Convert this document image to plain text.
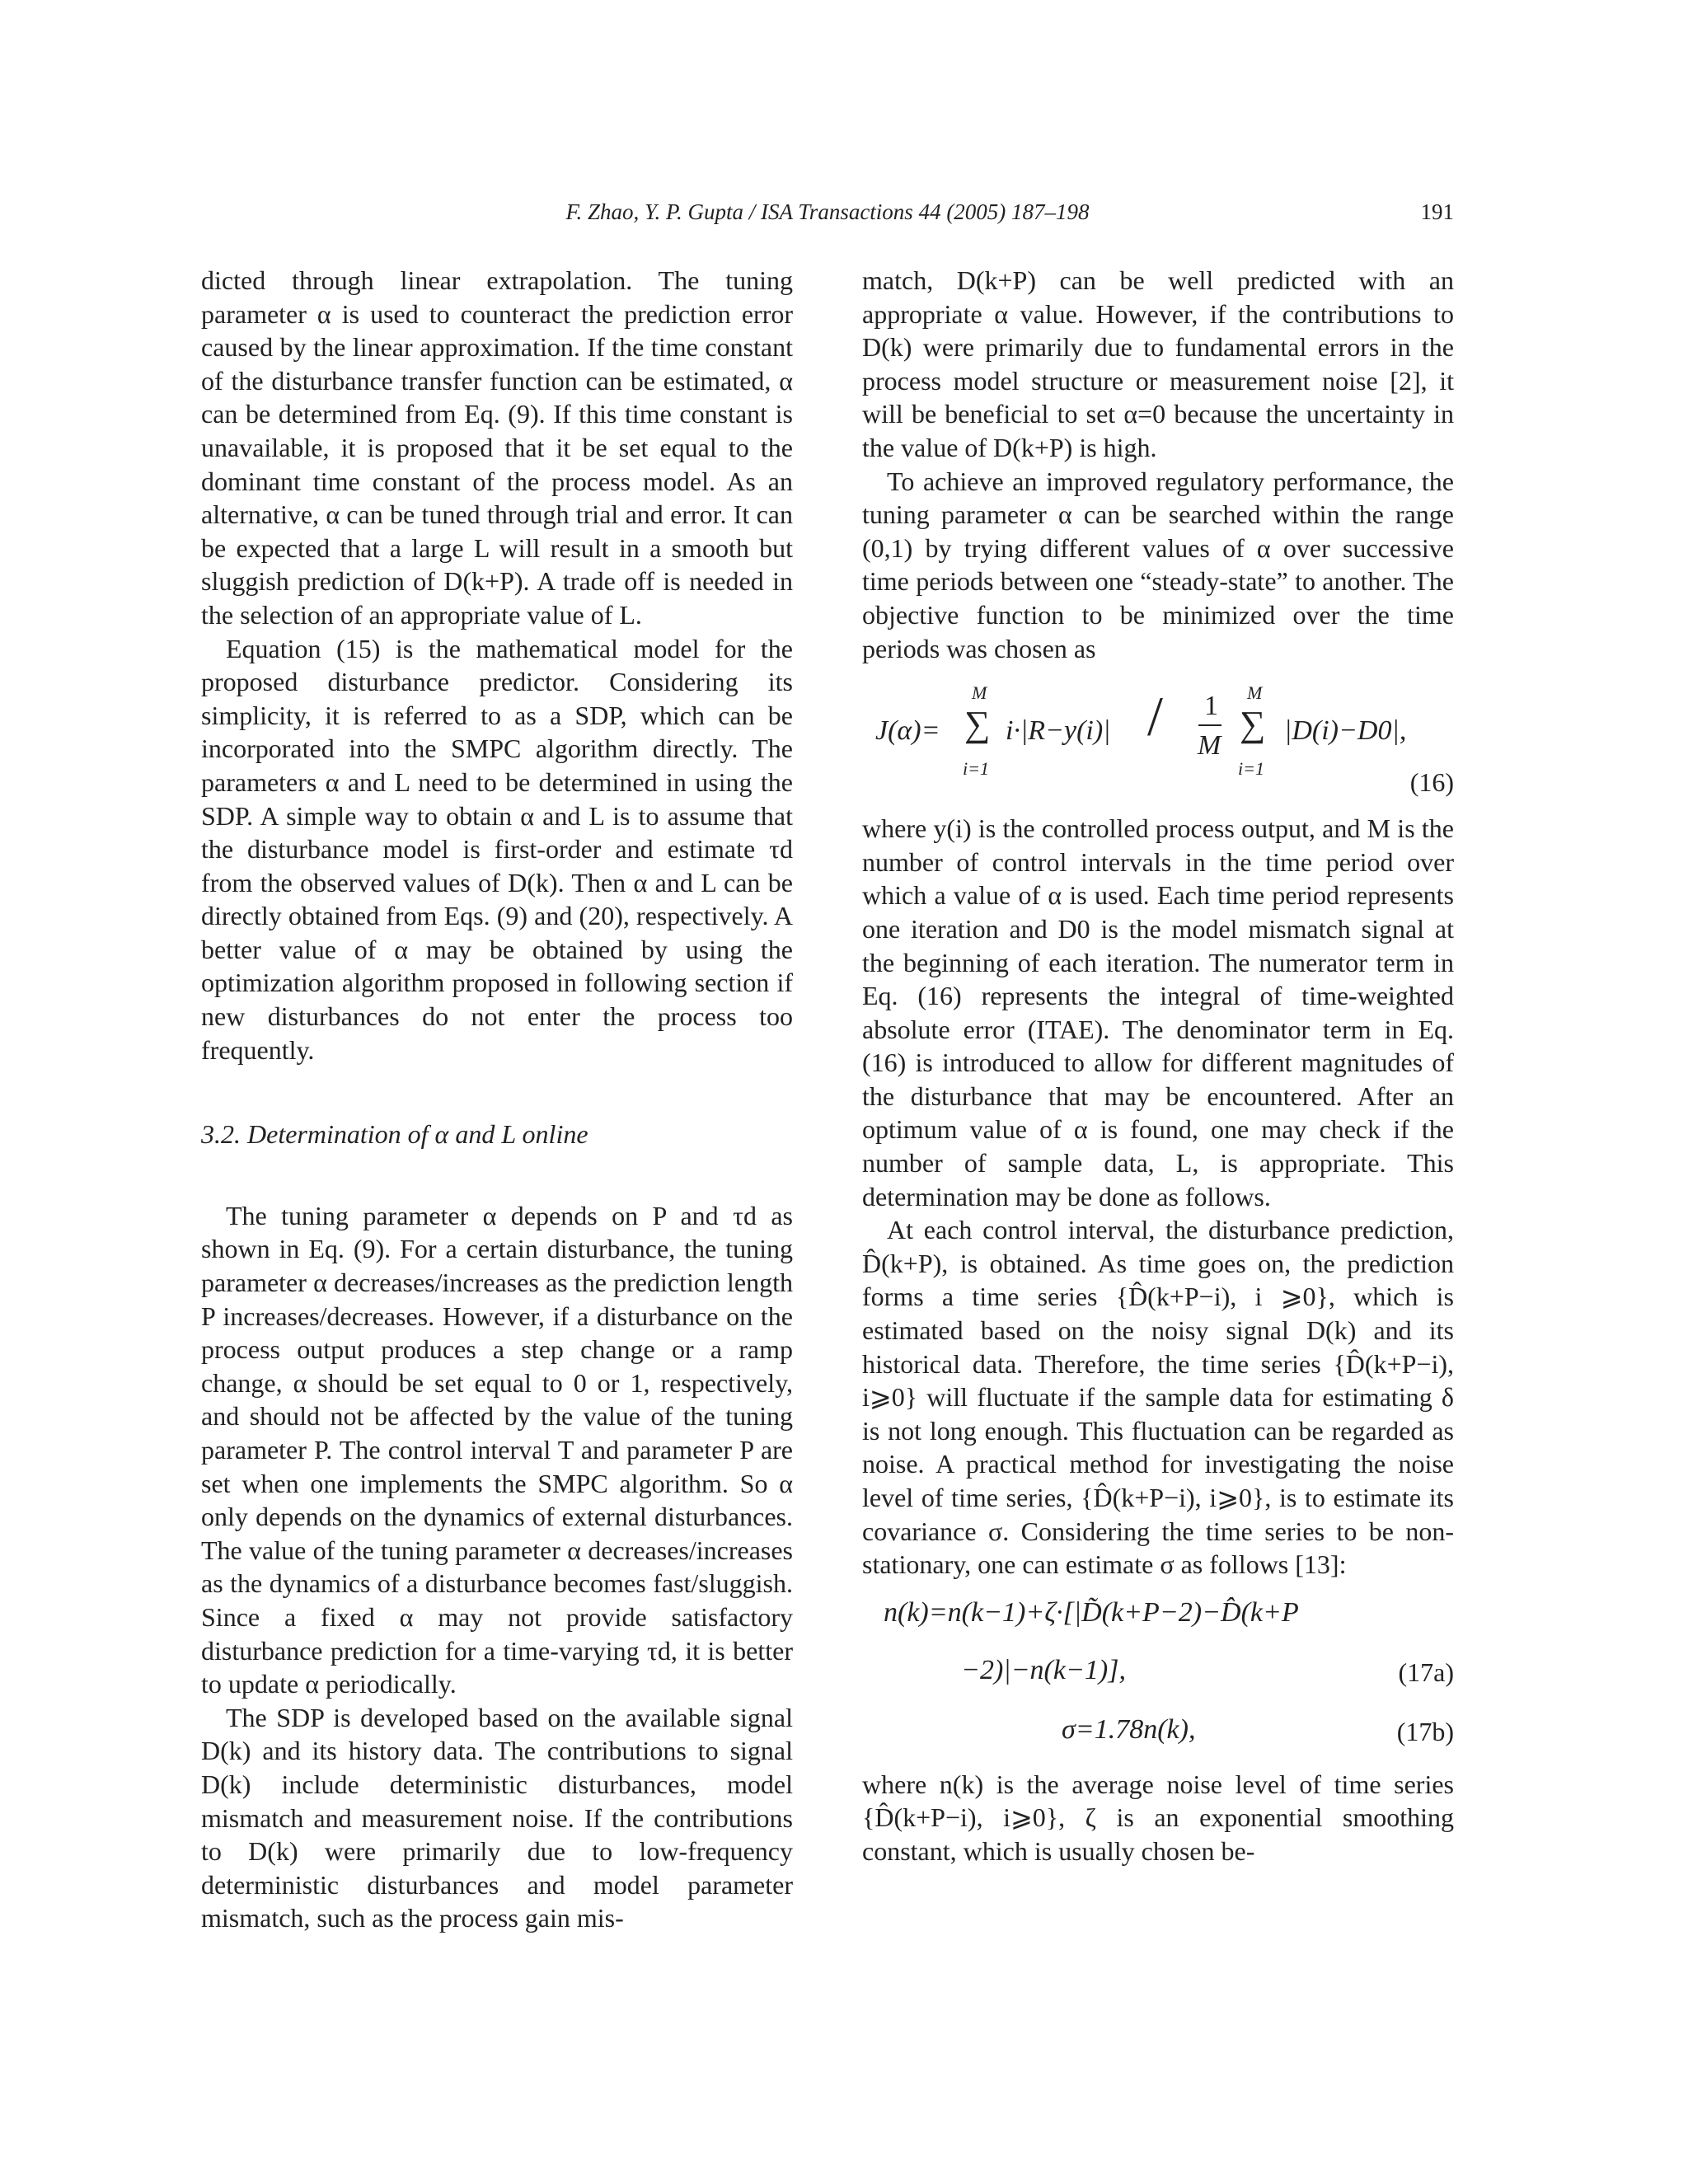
F. Zhao, Y. P. Gupta / ISA Transactions 44 (2005) 187–198	191

dicted through linear extrapolation. The tuning parameter α is used to counteract the prediction error caused by the linear approximation. If the time constant of the disturbance transfer function can be estimated, α can be determined from Eq. (9). If this time constant is unavailable, it is proposed that it be set equal to the dominant time constant of the process model. As an alternative, α can be tuned through trial and error. It can be expected that a large L will result in a smooth but sluggish prediction of D(k+P). A trade off is needed in the selection of an appropriate value of L.

Equation (15) is the mathematical model for the proposed disturbance predictor. Considering its simplicity, it is referred to as a SDP, which can be incorporated into the SMPC algorithm directly. The parameters α and L need to be determined in using the SDP. A simple way to obtain α and L is to assume that the disturbance model is first-order and estimate τd from the observed values of D(k). Then α and L can be directly obtained from Eqs. (9) and (20), respectively. A better value of α may be obtained by using the optimization algorithm proposed in following section if new disturbances do not enter the process too frequently.

3.2. Determination of α and L online

The tuning parameter α depends on P and τd as shown in Eq. (9). For a certain disturbance, the tuning parameter α decreases/increases as the prediction length P increases/decreases. However, if a disturbance on the process output produces a step change or a ramp change, α should be set equal to 0 or 1, respectively, and should not be affected by the value of the tuning parameter P. The control interval T and parameter P are set when one implements the SMPC algorithm. So α only depends on the dynamics of external disturbances. The value of the tuning parameter α decreases/increases as the dynamics of a disturbance becomes fast/sluggish. Since a fixed α may not provide satisfactory disturbance prediction for a time-varying τd, it is better to update α periodically.

The SDP is developed based on the available signal D(k) and its history data. The contributions to signal D(k) include deterministic disturbances, model mismatch and measurement noise. If the contributions to D(k) were primarily due to low-frequency deterministic disturbances and model parameter mismatch, such as the process gain mis-

match, D(k+P) can be well predicted with an appropriate α value. However, if the contributions to D(k) were primarily due to fundamental errors in the process model structure or measurement noise [2], it will be beneficial to set α=0 because the uncertainty in the value of D(k+P) is high.

To achieve an improved regulatory performance, the tuning parameter α can be searched within the range (0,1) by trying different values of α over successive time periods between one “steady-state” to another. The objective function to be minimized over the time periods was chosen as

J(α)=
M
∑
i=1
i·|R−y(i)| / 1
M
M
∑
i=1
|D(i)−D0|,
(16)

where y(i) is the controlled process output, and M is the number of control intervals in the time period over which a value of α is used. Each time period represents one iteration and D0 is the model mismatch signal at the beginning of each iteration. The numerator term in Eq. (16) represents the integral of time-weighted absolute error (ITAE). The denominator term in Eq. (16) is introduced to allow for different magnitudes of the disturbance that may be encountered. After an optimum value of α is found, one may check if the number of sample data, L, is appropriate. This determination may be done as follows.

At each control interval, the disturbance prediction, D̂(k+P), is obtained. As time goes on, the prediction forms a time series {D̂(k+P−i), i ⩾0}, which is estimated based on the noisy signal D(k) and its historical data. Therefore, the time series {D̂(k+P−i), i⩾0} will fluctuate if the sample data for estimating δ is not long enough. This fluctuation can be regarded as noise. A practical method for investigating the noise level of time series, {D̂(k+P−i), i⩾0}, is to estimate its covariance σ. Considering the time series to be non-stationary, one can estimate σ as follows [13]:

n(k)=n(k−1)+ζ·[|D̃(k+P−2)−D̂(k+P
−2)|−n(k−1)],	(17a)
σ=1.78n(k),	(17b)

where n(k) is the average noise level of time series {D̂(k+P−i), i⩾0}, ζ is an exponential smoothing constant, which is usually chosen be-
